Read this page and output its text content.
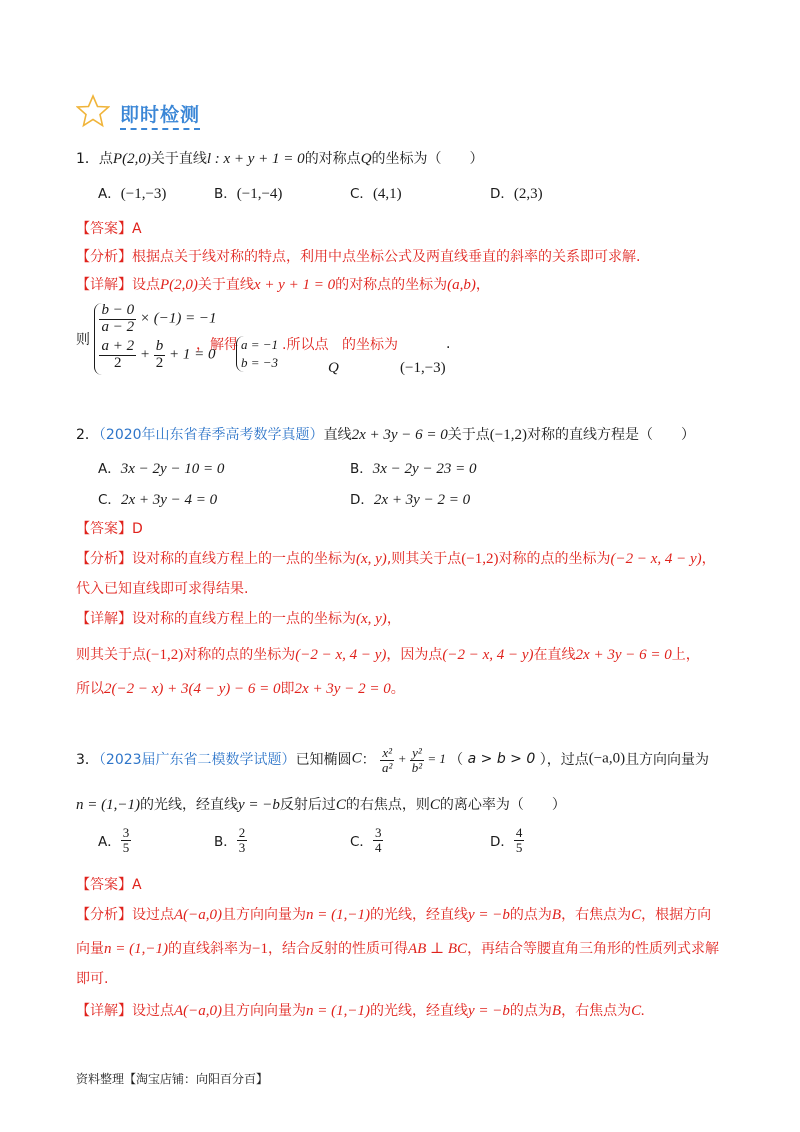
即时检测
1．点P(2,0)关于直线l : x + y + 1 = 0的对称点Q的坐标为（　　）
A．(−1,−3)	B．(−1,−4)	C．(4,1)	D．(2,3)
【答案】A
【分析】根据点关于线对称的特点，利用中点坐标公式及两直线垂直的斜率的关系即可求解.
【详解】设点P(2,0)关于直线x + y + 1 = 0的对称点的坐标为(a,b)，
则
$\frac{b - 0}{a - 2} \times (-1) = -1$
$\frac{a + 2}{2} + \frac{b}{2} + 1 = 0$
，解得 a = −1
b = −3
.所以点
Q
的坐标为
(−1,−3)
.
2．（2020年山东省春季高考数学真题）直线2x + 3y − 6 = 0关于点(−1,2)对称的直线方程是（　　）
A．3x − 2y − 10 = 0	B．3x − 2y − 23 = 0
C．2x + 3y − 4 = 0	D．2x + 3y − 2 = 0
【答案】D
【分析】设对称的直线方程上的一点的坐标为(x, y),则其关于点(−1,2)对称的点的坐标为(−2 − x, 4 − y)，
代入已知直线即可求得结果.
【详解】设对称的直线方程上的一点的坐标为(x, y)，
则其关于点(−1,2)对称的点的坐标为(−2 − x, 4 − y)，因为点(−2 − x, 4 − y)在直线2x + 3y − 6 = 0上，
所以2(−2 − x) + 3(4 − y) − 6 = 0即2x + 3y − 2 = 0。
3．（2023届广东省二模数学试题）已知椭圆C： $\frac{\text{x²}}{\text{a²}} + \frac{\text{y²}}{\text{b²}} = 1$ （ a > b > 0 ），过点(−a,0)且方向向量为
n = (1,−1)的光线，经直线y = −b反射后过C的右焦点，则C的离心率为（　　）
A． $\frac{3}{5}$	B． $\frac{2}{3}$	C． $\frac{3}{4}$	D． $\frac{4}{5}$
【答案】A
【分析】设过点A(−a,0)且方向向量为n = (1,−1)的光线，经直线y = −b的点为B，右焦点为C，根据方向
向量n = (1,−1)的直线斜率为−1，结合反射的性质可得AB ⊥ BC，再结合等腰直角三角形的性质列式求解
即可.
【详解】设过点A(−a,0)且方向向量为n = (1,−1)的光线，经直线y = −b的点为B，右焦点为C.
资料整理【淘宝店铺：向阳百分百】
